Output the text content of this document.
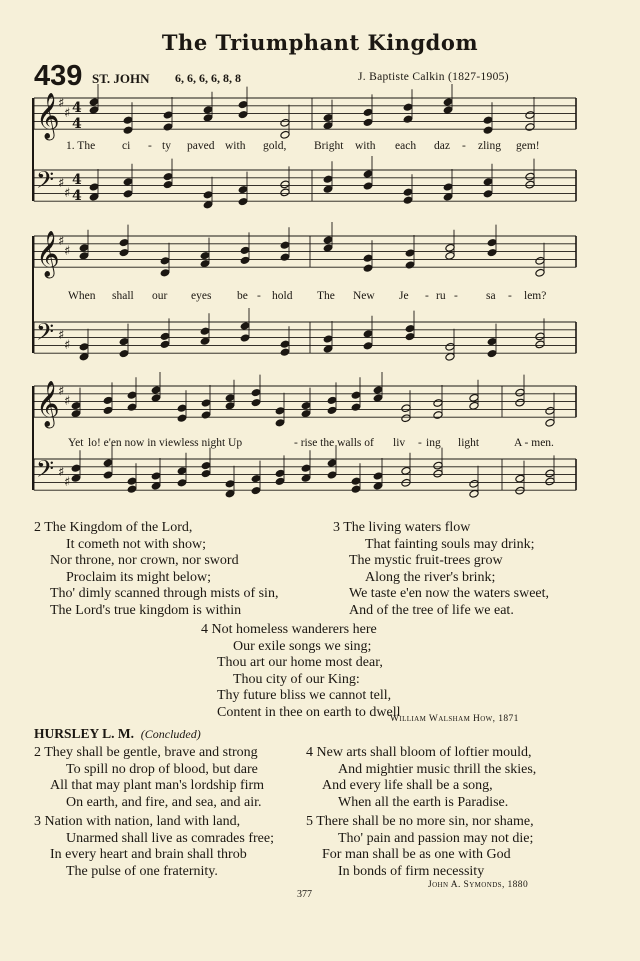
The Triumphant Kingdom
439 ST. JOHN 6, 6, 6, 6, 8, 8	J. Baptiste Calkin (1827-1905)
𝄞
♯
♯ 4
4
𝄢 ♯
♯
4
4
𝄞
♯
♯
𝄢 ♯
♯
𝄞
♯
♯
𝄢 ♯
♯
1. The ci - ty paved with gold, Bright with each daz - zling gem!
When shall our eyes be - hold The New Je - ru - sa - lem?
Yet lo! e'en now in viewless night Up	- rise the walls of liv - ing light	A - men.
2 The Kingdom of the Lord,
It cometh not with show;
Nor throne, nor crown, nor sword
Proclaim its might below;
Tho' dimly scanned through mists of sin,
The Lord's true kingdom is within
3 The living waters flow
That fainting souls may drink;
The mystic fruit-trees grow
Along the river's brink;
We taste e'en now the waters sweet,
And of the tree of life we eat.
4 Not homeless wanderers here
Our exile songs we sing;
Thou art our home most dear,
Thou city of our King:
Thy future bliss we cannot tell,
Content in thee on earth to dwell
William Walsham How, 1871
HURSLEY L. M. (Concluded)
2 They shall be gentle, brave and strong
To spill no drop of blood, but dare
All that may plant man's lordship firm
On earth, and fire, and sea, and air.
4 New arts shall bloom of loftier mould,
And mightier music thrill the skies,
And every life shall be a song,
When all the earth is Paradise.
3 Nation with nation, land with land,
Unarmed shall live as comrades free;
In every heart and brain shall throb
The pulse of one fraternity.
5 There shall be no more sin, nor shame,
Tho' pain and passion may not die;
For man shall be as one with God
In bonds of firm necessity
John A. Symonds, 1880
377
